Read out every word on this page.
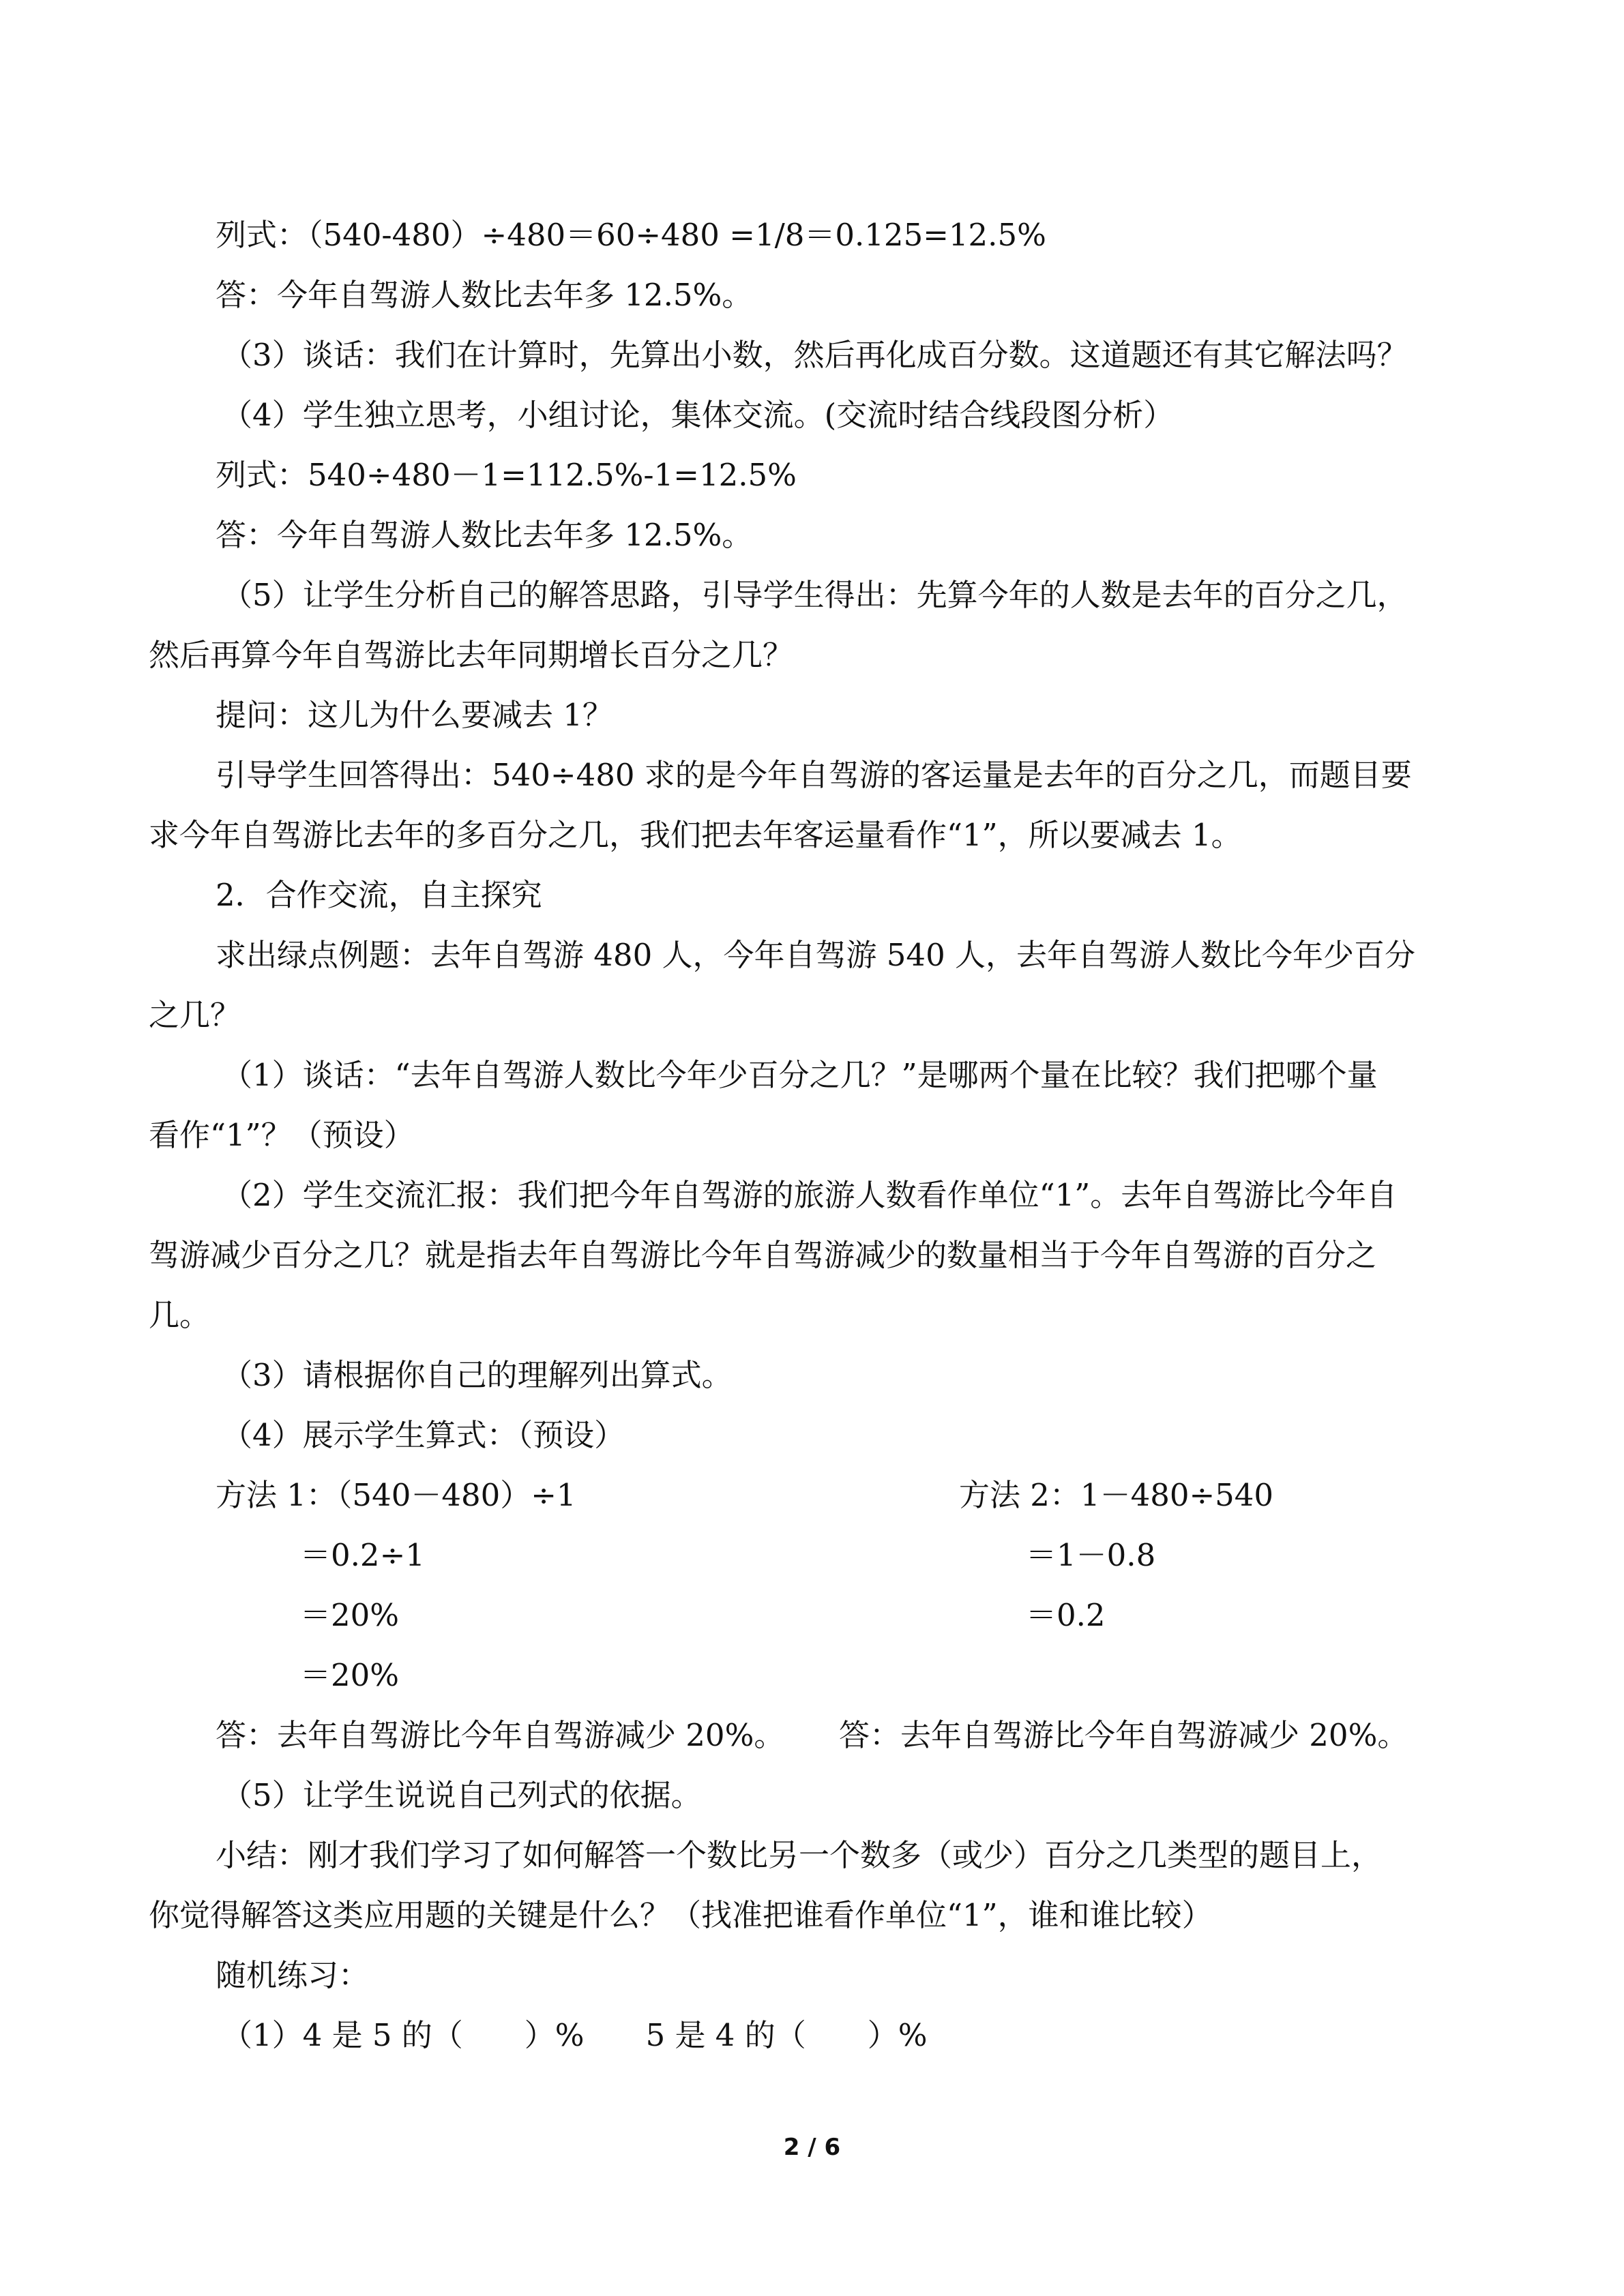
列式：（540-480）÷480＝60÷480 =1/8＝0.125=12.5%
答：今年自驾游人数比去年多 12.5%。
（3）谈话：我们在计算时，先算出小数，然后再化成百分数。这道题还有其它解法吗？
（4）学生独立思考，小组讨论，集体交流。(交流时结合线段图分析）
列式：540÷480－1=112.5%-1=12.5%
答：今年自驾游人数比去年多 12.5%。
（5）让学生分析自己的解答思路，引导学生得出：先算今年的人数是去年的百分之几，
然后再算今年自驾游比去年同期增长百分之几？
提问：这儿为什么要减去 1？
引导学生回答得出：540÷480 求的是今年自驾游的客运量是去年的百分之几，而题目要
求今年自驾游比去年的多百分之几，我们把去年客运量看作“1”，所以要减去 1。
2．合作交流，自主探究
求出绿点例题：去年自驾游 480 人，今年自驾游 540 人，去年自驾游人数比今年少百分
之几？
（1）谈话：“去年自驾游人数比今年少百分之几？”是哪两个量在比较？我们把哪个量
看作“1”？（预设）
（2）学生交流汇报：我们把今年自驾游的旅游人数看作单位“1”。去年自驾游比今年自
驾游减少百分之几？就是指去年自驾游比今年自驾游减少的数量相当于今年自驾游的百分之
几。
（3）请根据你自己的理解列出算式。
（4）展示学生算式：（预设）
方法 1：（540－480）÷1
＝0.2÷1
＝20%
＝20%
答：去年自驾游比今年自驾游减少 20%。
方法 2：1－480÷540
＝1－0.8
＝0.2
答：去年自驾游比今年自驾游减少 20%。
（5）让学生说说自己列式的依据。
小结：刚才我们学习了如何解答一个数比另一个数多（或少）百分之几类型的题目上，
你觉得解答这类应用题的关键是什么？（找准把谁看作单位“1”，谁和谁比较）
随机练习：
（1）4 是 5 的（　　）%　　5 是 4 的（　　）%
2 / 6
